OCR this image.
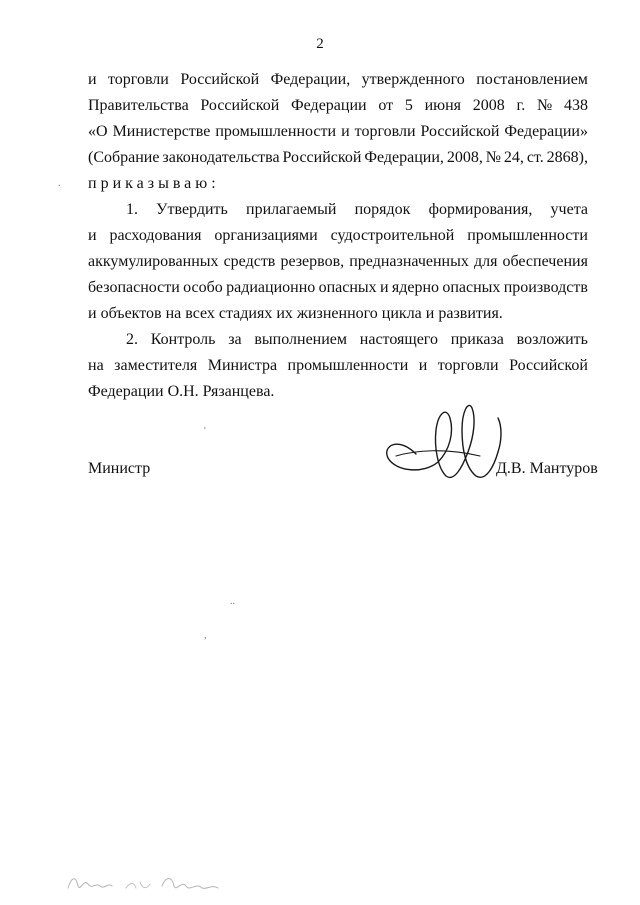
2
и торговли Российской Федерации, утвержденного постановлением
Правительства Российской Федерации от 5 июня 2008 г. № 438
«О Министерстве промышленности и торговли Российской Федерации»
(Собрание законодательства Российской Федерации, 2008, № 24, ст. 2868),
приказываю:
1. Утвердить прилагаемый порядок формирования, учета
и расходования организациями судостроительной промышленности
аккумулированных средств резервов, предназначенных для обеспечения
безопасности особо радиационно опасных и ядерно опасных производств
и объектов на всех стадиях их жизненного цикла и развития.
2. Контроль за выполнением настоящего приказа возложить
на заместителя Министра промышленности и торговли Российской
Федерации О.Н. Рязанцева.
Министр	Д.В. Мантуров
.
'
..
,
